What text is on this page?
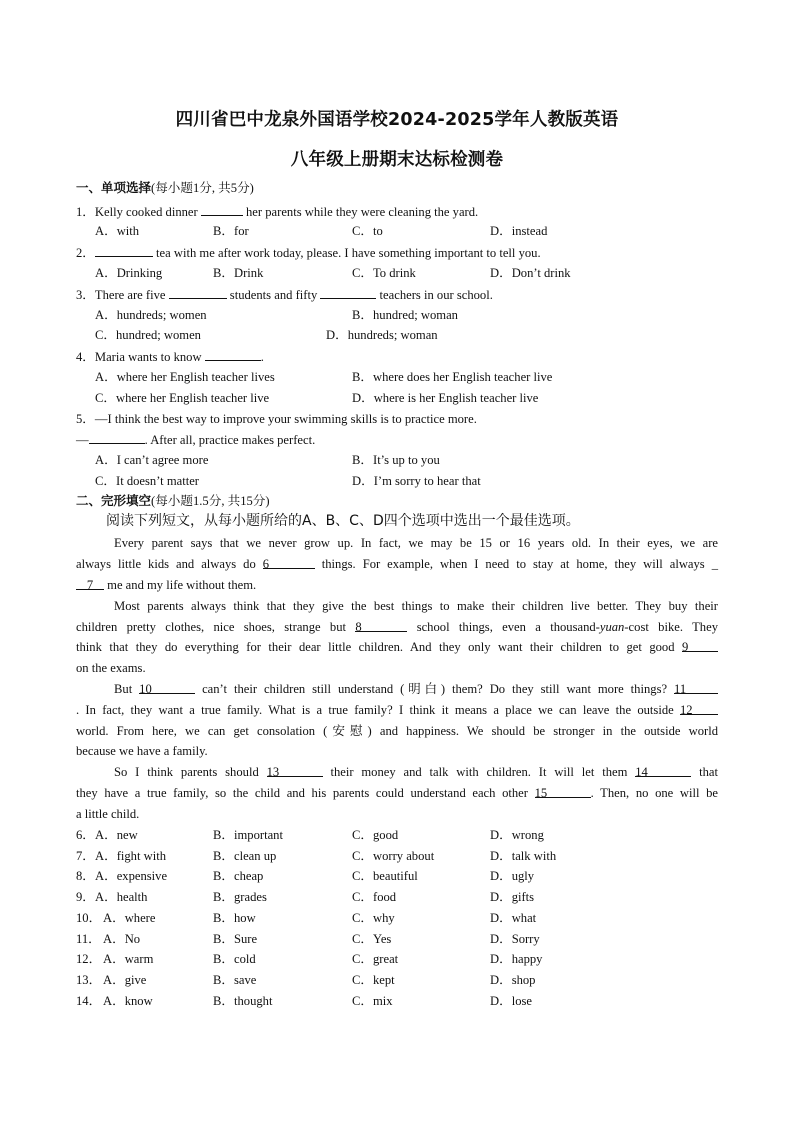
四川省巴中龙泉外国语学校2024-2025学年人教版英语
八年级上册期末达标检测卷
一、单项选择(每小题1分, 共5分)
1．Kelly cooked dinner	her parents while they were cleaning the yard.
A．with	B．for	C．to	D．instead
2．	tea with me after work today, please. I have something important to tell you.
A．Drinking	B．Drink	C．To drink	D．Don’t drink
3．There are five	students and fifty	teachers in our school.
A．hundreds; women	B．hundred; woman
C．hundred; women	D．hundreds; woman
4．Maria wants to know	.
A．where her English teacher lives	B．where does her English teacher live
C．where her English teacher live	D．where is her English teacher live
5．—I think the best way to improve your swimming skills is to practice more.
—	. After all, practice makes perfect.
A．I can’t agree more	B．It’s up to you
C．It doesn’t matter	D．I’m sorry to hear that
二、完形填空(每小题1.5分, 共15分)
阅读下列短文，从每小题所给的A、B、C、D四个选项中选出一个最佳选项。
Every parent says that we never grow up. In fact, we may be 15 or 16 years old. In their eyes, we are
always little kids and always do 6	things. For example, when I need to stay at home, they will always _
7 me and my life without them.
Most parents always think that they give the best things to make their children live better. They buy their
children pretty clothes, nice shoes, strange but 8	school things, even a thousand-yuan-cost bike. They
think that they do everything for their dear little children. And they only want their children to get good 9
on the exams.
But 10	can’t their children still understand (明白) them? Do they still want more things? 11
. In fact, they want a true family. What is a true family? I think it means a place we can leave the outside 12
world. From here, we can get consolation (安慰) and happiness. We should be stronger in the outside world
because we have a family.
So I think parents should 13	their money and talk with children. It will let them 14	that
they have a true family, so the child and his parents could understand each other 15	. Then, no one will be
a little child.
6． A．new	B．important	C．good	D．wrong
7． A．fight with	B．clean up	C．worry about	D．talk with
8． A．expensive	B．cheap	C．beautiful	D．ugly
9． A．health	B．grades	C．food	D．gifts
10． A．where	B．how	C．why	D．what
11． A．No	B．Sure	C．Yes	D．Sorry
12． A．warm	B．cold	C．great	D．happy
13． A．give	B．save	C．kept	D．shop
14． A．know	B．thought	C．mix	D．lose
